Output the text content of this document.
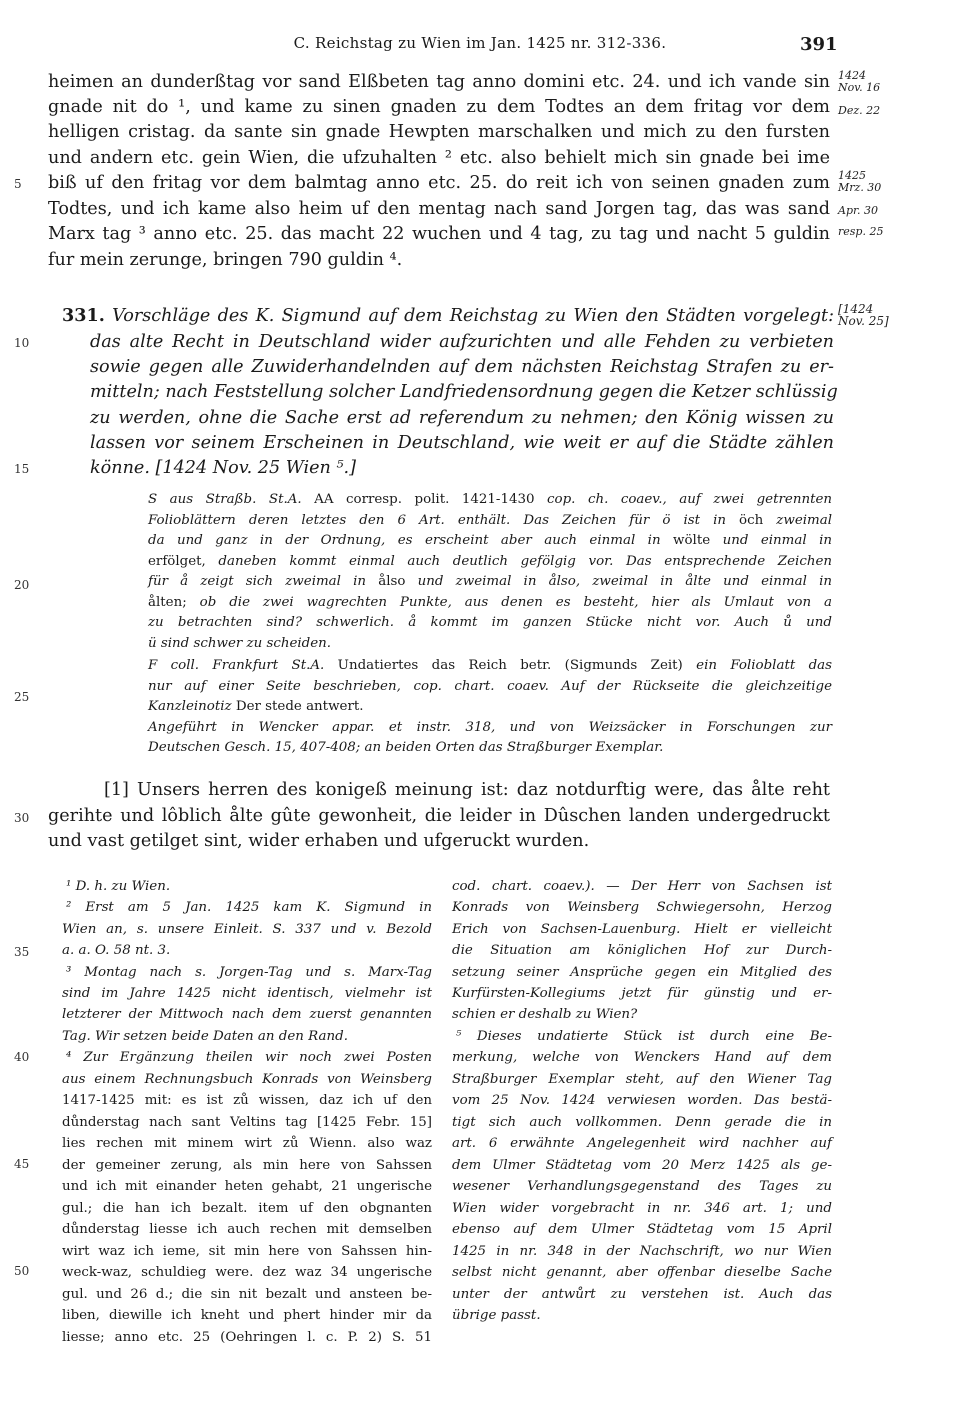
C. Reichstag zu Wien im Jan. 1425 nr. 312-336.	391
heimen an dunderßtag vor sand Elßbeten tag anno domini etc. 24. und ich vande sin
gnade nit do ¹, und kame zu sinen gnaden zu dem Todtes an dem fritag vor dem
helligen cristag. da sante sin gnade Hewpten marschalken und mich zu den fursten
und andern etc. gein Wien, die ufzuhalten ² etc. also behielt mich sin gnade bei ime
biß uf den fritag vor dem balmtag anno etc. 25. do reit ich von seinen gnaden zum
Todtes, und ich kame also heim uf den mentag nach sand Jorgen tag, das was sand
Marx tag ³ anno etc. 25. das macht 22 wuchen und 4 tag, zu tag und nacht 5 guldin
fur mein zerunge, bringen 790 guldin ⁴.
1424
Nov. 16
Dez. 22
1425
Mrz. 30
Apr. 30
resp. 25
[1424
Nov. 25]
5
10
15
20
25
30
35
40
45
50
331. Vorschläge des K. Sigmund auf dem Reichstag zu Wien den Städten vorgelegt:
das alte Recht in Deutschland wider aufzurichten und alle Fehden zu verbieten
sowie gegen alle Zuwiderhandelnden auf dem nächsten Reichstag Strafen zu er-
mitteln; nach Feststellung solcher Landfriedensordnung gegen die Ketzer schlüssig
zu werden, ohne die Sache erst ad referendum zu nehmen; den König wissen zu
lassen vor seinem Erscheinen in Deutschland, wie weit er auf die Städte zählen
könne. [1424 Nov. 25 Wien ⁵.]
S aus Straßb. St.A. AA corresp. polit. 1421-1430 cop. ch. coaev., auf zwei getrennten
Folioblättern deren letztes den 6 Art. enthält. Das Zeichen für ö ist in öch zweimal
da und ganz in der Ordnung, es erscheint aber auch einmal in wölte und einmal in
erfölget, daneben kommt einmal auch deutlich gefölgig vor. Das entsprechende Zeichen
für å zeigt sich zweimal in ålso und zweimal in ålso, zweimal in ålte und einmal in
ålten; ob die zwei wagrechten Punkte, aus denen es besteht, hier als Umlaut von a
zu betrachten sind? schwerlich. å kommt im ganzen Stücke nicht vor. Auch ů und
ü sind schwer zu scheiden.
F coll. Frankfurt St.A. Undatiertes das Reich betr. (Sigmunds Zeit) ein Folioblatt das
nur auf einer Seite beschrieben, cop. chart. coaev. Auf der Rückseite die gleichzeitige
Kanzleinotiz Der stede antwert.
Angeführt in Wencker appar. et instr. 318, und von Weizsäcker in Forschungen zur
Deutschen Gesch. 15, 407-408; an beiden Orten das Straßburger Exemplar.
[1] Unsers herren des konigeß meinung ist: daz notdurftig were, das ålte reht
gerihte und lôblich ålte gûte gewonheit, die leider in Dûschen landen undergedruckt
und vast getilget sint, wider erhaben und ufgeruckt wurden.
¹ D. h. zu Wien.
² Erst am 5 Jan. 1425 kam K. Sigmund in
Wien an, s. unsere Einleit. S. 337 und v. Bezold
a. a. O. 58 nt. 3.
³ Montag nach s. Jorgen-Tag und s. Marx-Tag
sind im Jahre 1425 nicht identisch, vielmehr ist
letzterer der Mittwoch nach dem zuerst genannten
Tag. Wir setzen beide Daten an den Rand.
⁴ Zur Ergänzung theilen wir noch zwei Posten
aus einem Rechnungsbuch Konrads von Weinsberg
1417-1425 mit: es ist zů wissen, daz ich uf den
důnderstag nach sant Veltins tag [1425 Febr. 15]
lies rechen mit minem wirt zů Wienn. also waz
der gemeiner zerung, als min here von Sahssen
und ich mit einander heten gehabt, 21 ungerische
gul.; die han ich bezalt. item uf den obgnanten
důnderstag liesse ich auch rechen mit demselben
wirt waz ich ieme, sit min here von Sahssen hin-
weck-waz, schuldieg were. dez waz 34 ungerische
gul. und 26 d.; die sin nit bezalt und ansteen be-
liben, diewille ich kneht und phert hinder mir da
liesse; anno etc. 25 (Oehringen l. c. P. 2) S. 51
cod. chart. coaev.). — Der Herr von Sachsen ist
Konrads von Weinsberg Schwiegersohn, Herzog
Erich von Sachsen-Lauenburg. Hielt er vielleicht
die Situation am königlichen Hof zur Durch-
setzung seiner Ansprüche gegen ein Mitglied des
Kurfürsten-Kollegiums jetzt für günstig und er-
schien er deshalb zu Wien?
⁵ Dieses undatierte Stück ist durch eine Be-
merkung, welche von Wenckers Hand auf dem
Straßburger Exemplar steht, auf den Wiener Tag
vom 25 Nov. 1424 verwiesen worden. Das bestä-
tigt sich auch vollkommen. Denn gerade die in
art. 6 erwähnte Angelegenheit wird nachher auf
dem Ulmer Städtetag vom 20 Merz 1425 als ge-
wesener Verhandlungsgegenstand des Tages zu
Wien wider vorgebracht in nr. 346 art. 1; und
ebenso auf dem Ulmer Städtetag vom 15 April
1425 in nr. 348 in der Nachschrift, wo nur Wien
selbst nicht genannt, aber offenbar dieselbe Sache
unter der antwůrt zu verstehen ist. Auch das
übrige passt.
